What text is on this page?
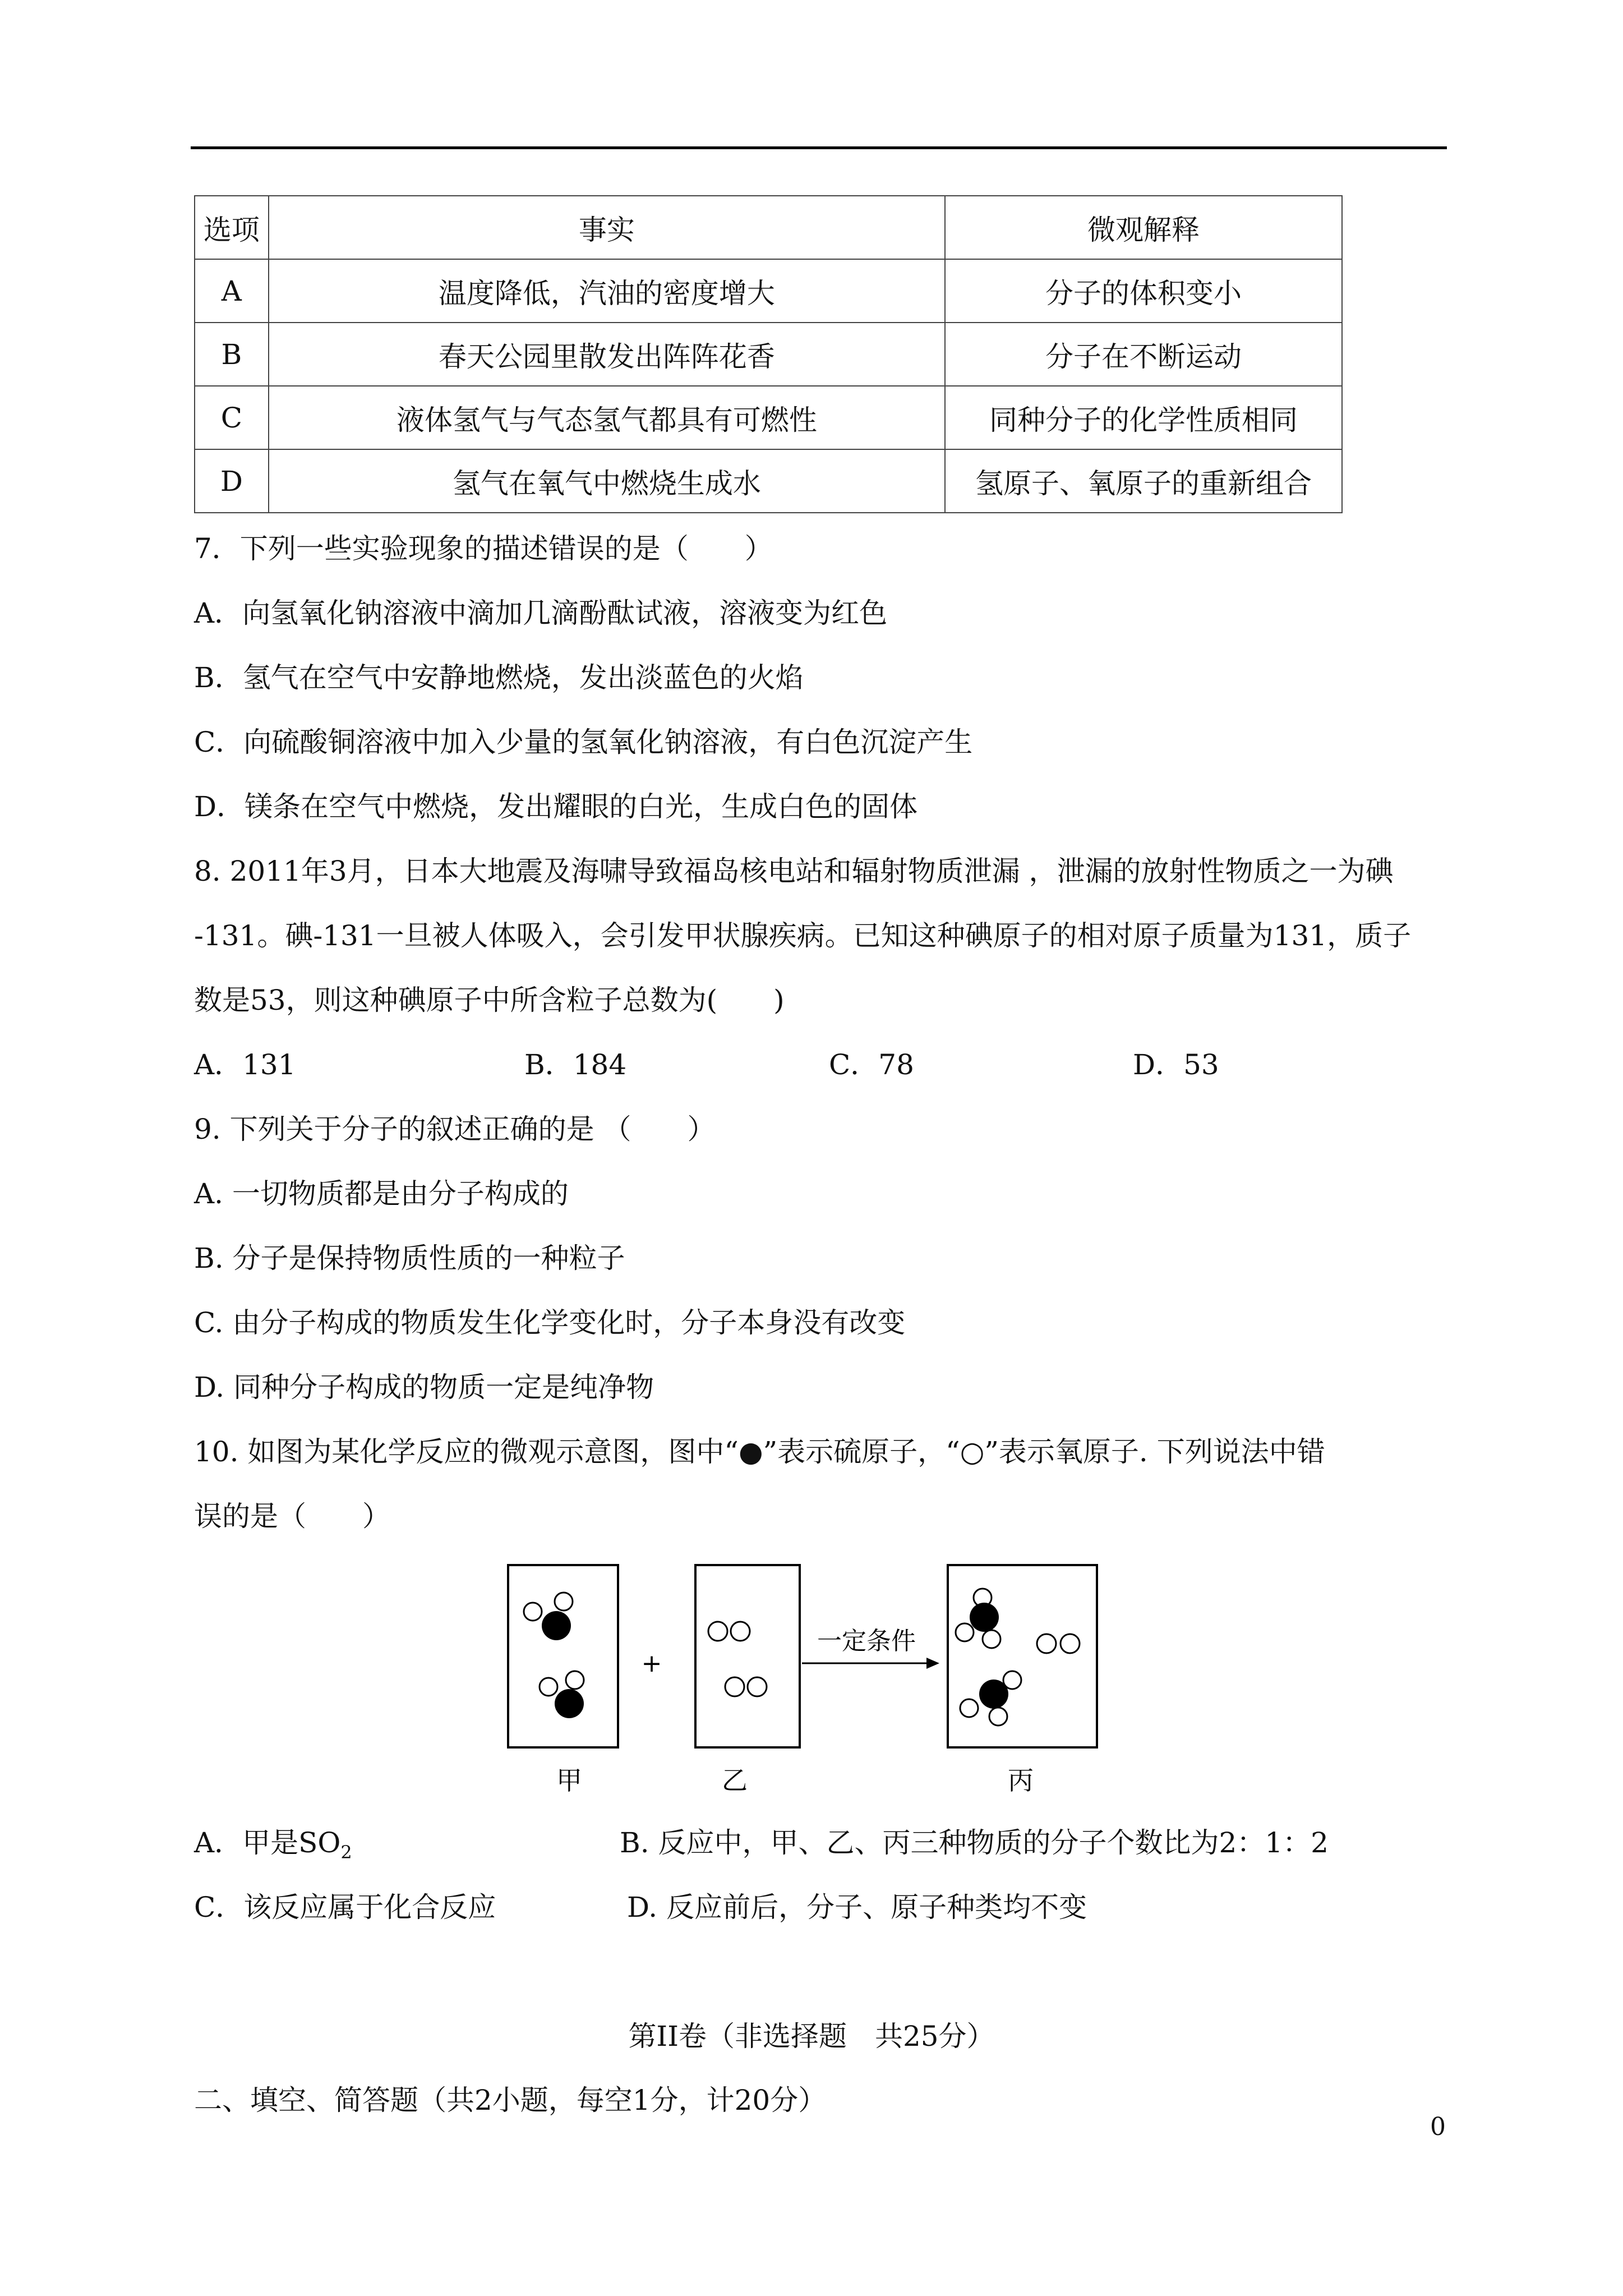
选项	事实	微观解释
A	温度降低，汽油的密度增大	分子的体积变小
B	春天公园里散发出阵阵花香	分子在不断运动
C	液体氢气与气态氢气都具有可燃性	同种分子的化学性质相同
D	氢气在氧气中燃烧生成水	氢原子、氧原子的重新组合
7．下列一些实验现象的描述错误的是（　　）
A．向氢氧化钠溶液中滴加几滴酚酞试液，溶液变为红色
B．氢气在空气中安静地燃烧，发出淡蓝色的火焰
C．向硫酸铜溶液中加入少量的氢氧化钠溶液，有白色沉淀产生
D．镁条在空气中燃烧，发出耀眼的白光，生成白色的固体
8. 2011年3月，日本大地震及海啸导致福岛核电站和辐射物质泄漏 ，泄漏的放射性物质之一为碘
-131。碘-131一旦被人体吸入，会引发甲状腺疾病。已知这种碘原子的相对原子质量为131，质子
数是53，则这种碘原子中所含粒子总数为(　　)
A．131	B．184	C．78	D．53
9. 下列关于分子的叙述正确的是 （　　）
A. 一切物质都是由分子构成的
B. 分子是保持物质性质的一种粒子
C. 由分子构成的物质发生化学变化时，分子本身没有改变
D. 同种分子构成的物质一定是纯净物
10. 如图为某化学反应的微观示意图，图中“●”表示硫原子，“○”表示氧原子. 下列说法中错
误的是（　　）
+
一定条件
甲	乙	丙
A．甲是$SO_2$	B. 反应中，甲、乙、丙三种物质的分子个数比为2：1：2
C．该反应属于化合反应	D. 反应前后，分子、原子种类均不变
第II卷（非选择题　共25分）
二、填空、简答题（共2小题，每空1分，计20分）
0
